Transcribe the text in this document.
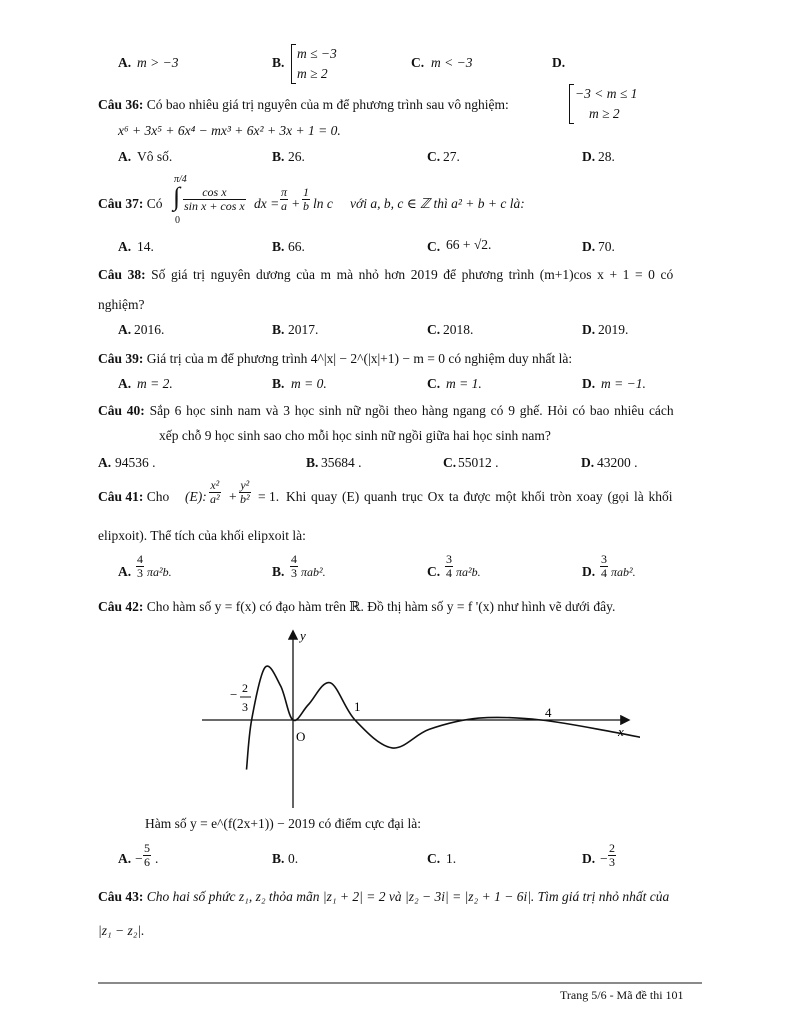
A. m > −3	B.
m ≤ −3
m ≥ 2
C. m < −3	D.
−3 < m ≤ 1
m ≥ 2
Câu 36: Có bao nhiêu giá trị nguyên của m để phương trình sau vô nghiệm:
x⁶ + 3x⁵ + 6x⁴ − mx³ + 6x² + 3x + 1 = 0.
A. Vô số.	B. 26.	C. 27.	D. 28.
Câu 37: Có
π/4
∫
0
$\frac{\text{cos x}}{\text{sin x + cos x}}$ dx = $\frac{\pi}{a} + \frac{1}{b}$ ln c với a, b, c ∈ ℤ thì a² + b + c là:
A. 14.	B. 66.	C. 66 + √2.	D. 70.
Câu 38: Số giá trị nguyên dương của m mà nhỏ hơn 2019 để phương trình (m+1)cos x + 1 = 0 có
nghiệm?
A. 2016.	B. 2017.	C. 2018.	D. 2019.
Câu 39: Giá trị của m để phương trình 4^|x| − 2^(|x|+1) − m = 0 có nghiệm duy nhất là:
A. m = 2.	B. m = 0.	C. m = 1.	D. m = −1.
Câu 40: Sắp 6 học sinh nam và 3 học sinh nữ ngồi theo hàng ngang có 9 ghế. Hỏi có bao nhiêu cách
xếp chỗ 9 học sinh sao cho mỗi học sinh nữ ngồi giữa hai học sinh nam?
A. 94536 .	B. 35684 .	C. 55012 .	D. 43200 .
Câu 41: Cho (E): $\frac{\text{x²}}{\text{a²}} + \frac{\text{y²}}{\text{b²}} = 1$. Khi quay (E) quanh trục Ox ta được một khối tròn xoay (gọi là khối
elipxoit). Thể tích của khối elipxoit là:
A. $\frac{4}{3} \pi a^2b$.	B. $\frac{4}{3} \pi ab^2$.	C. $\frac{3}{4} \pi a^2b$.	D. $\frac{3}{4} \pi ab^2$.
Câu 42: Cho hàm số y = f(x) có đạo hàm trên ℝ. Đồ thị hàm số y = f '(x) như hình vẽ dưới đây.
y
x
O
− 2
3	1	4
Hàm số y = e^(f(2x+1)) − 2019 có điểm cực đại là:
A. − $\frac{5}{6}$ .	B. 0.	C. 1.	D. − $\frac{2}{3}$
Câu 43: Cho hai số phức z₁, z₂ thỏa mãn |z₁ + 2| = 2 và |z₂ − 3i| = |z₂ + 1 − 6i|. Tìm giá trị nhỏ nhất của
|z₁ − z₂|.
Trang 5/6 - Mã đề thi 101
